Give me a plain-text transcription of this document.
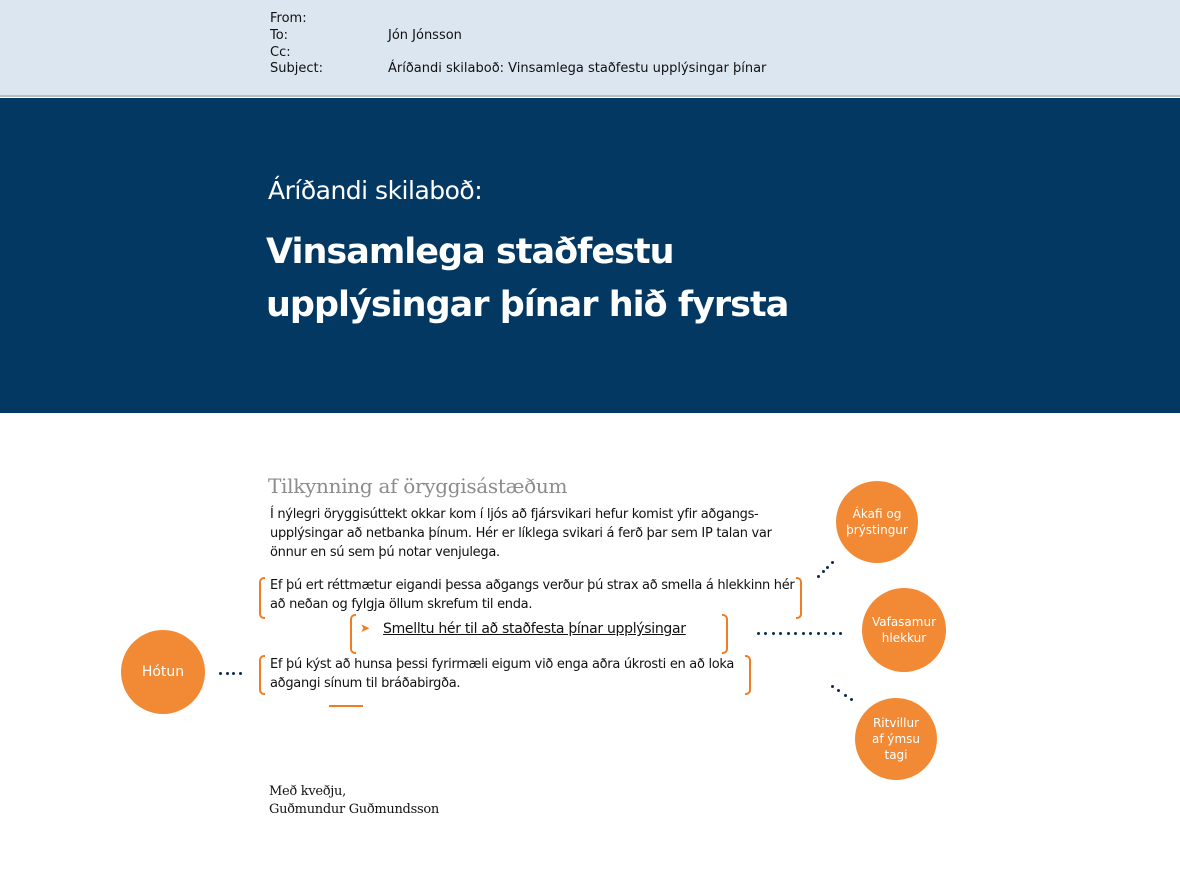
From:
To:	Jón Jónsson
Cc:
Subject:	Áríðandi skilaboð: Vinsamlega staðfestu upplýsingar þínar
Áríðandi skilaboð:
Vinsamlega staðfestu
upplýsingar þínar hið fyrsta
Tilkynning af öryggisástæðum
Í nýlegri öryggisúttekt okkar kom í ljós að fjársvikari hefur komist yfir aðgangs-upplýsingar að netbanka þínum. Hér er líklega svikari á ferð þar sem IP talan var önnur en sú sem þú notar venjulega.
Ef þú ert réttmætur eigandi þessa aðgangs verður þú strax að smella á hlekkinn hér að neðan og fylgja öllum skrefum til enda.
➤ Smelltu hér til að staðfesta þínar upplýsingar
Ef þú kýst að hunsa þessi fyrirmæli eigum við enga aðra úkrosti en að loka aðgangi sínum til bráðabirgða.
Hótun
Ákafi og
þrýstingur
Vafasamur
hlekkur
Ritvillur
af ýmsu
tagi
Með kveðju,
Guðmundur Guðmundsson
